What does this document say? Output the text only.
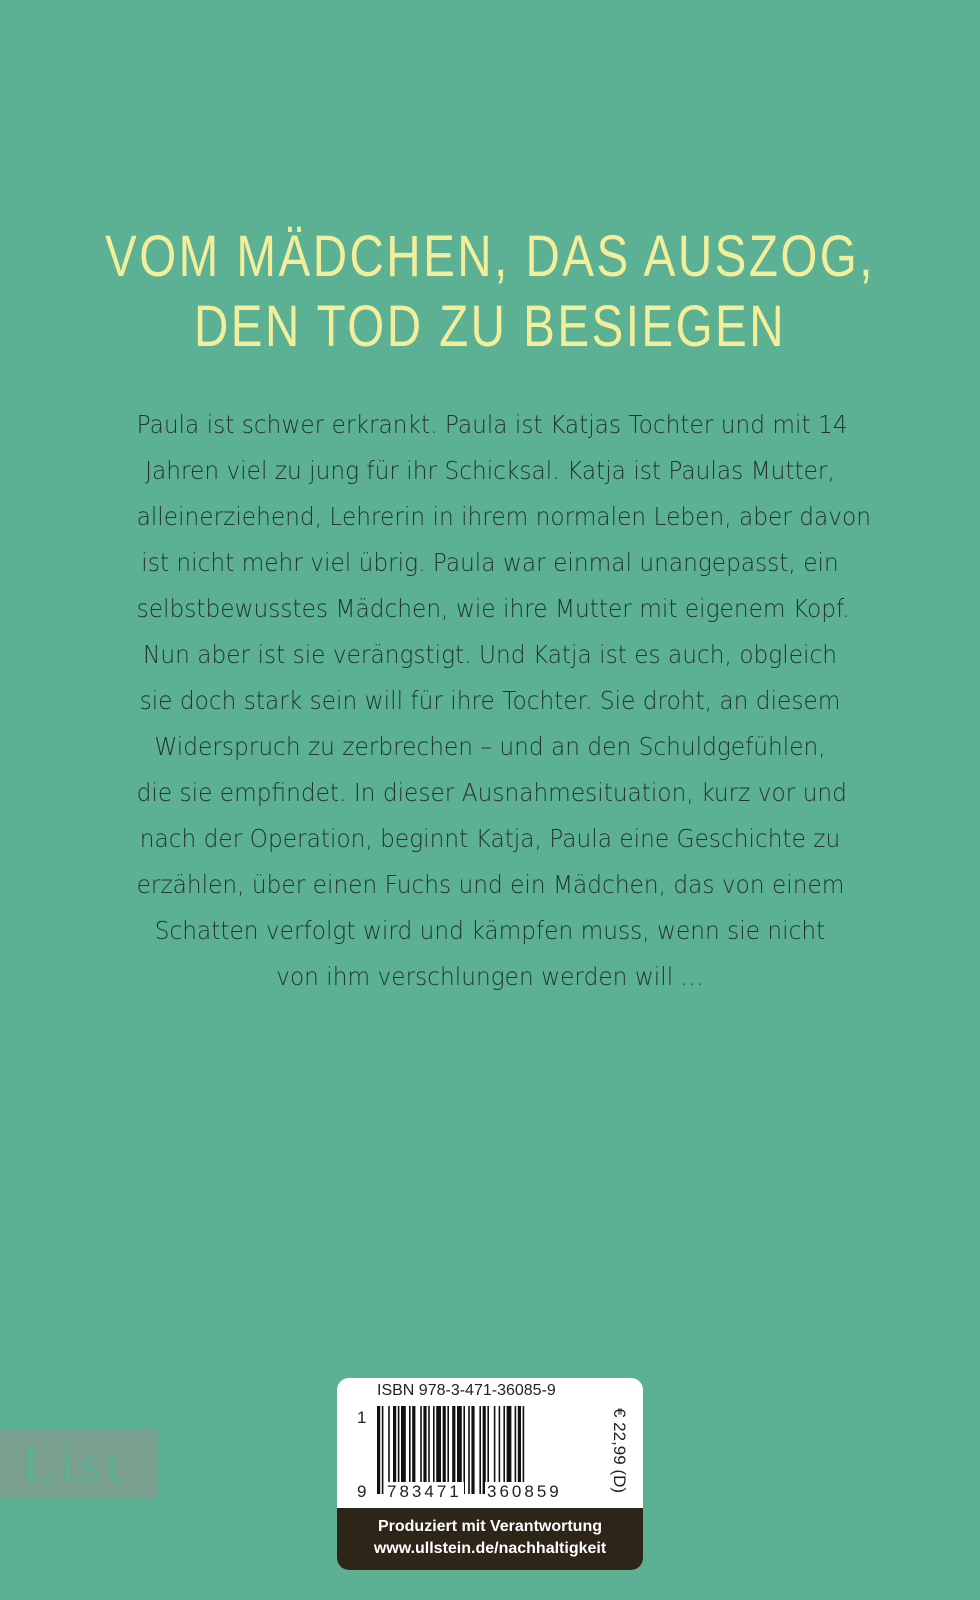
VOM MÄDCHEN, DAS AUSZOG,
DEN TOD ZU BESIEGEN
Paula ist schwer erkrankt. Paula ist Katjas Tochter und mit 14
Jahren viel zu jung für ihr Schicksal. Katja ist Paulas Mutter,
alleinerziehend, Lehrerin in ihrem normalen Leben, aber davon
ist nicht mehr viel übrig. Paula war einmal unangepasst, ein
selbstbewusstes Mädchen, wie ihre Mutter mit eigenem Kopf.
Nun aber ist sie verängstigt. Und Katja ist es auch, obgleich
sie doch stark sein will für ihre Tochter. Sie droht, an diesem
Widerspruch zu zerbrechen – und an den Schuldgefühlen,
die sie empfindet. In dieser Ausnahmesituation, kurz vor und
nach der Operation, beginnt Katja, Paula eine Geschichte zu
erzählen, über einen Fuchs und ein Mädchen, das von einem
Schatten verfolgt wird und kämpfen muss, wenn sie nicht
von ihm verschlungen werden will …
List
ISBN 978-3-471-36085-9
1
9 783471 360859	€ 22,99 (D)
Produziert mit Verantwortung
www.ullstein.de/nachhaltigkeit
